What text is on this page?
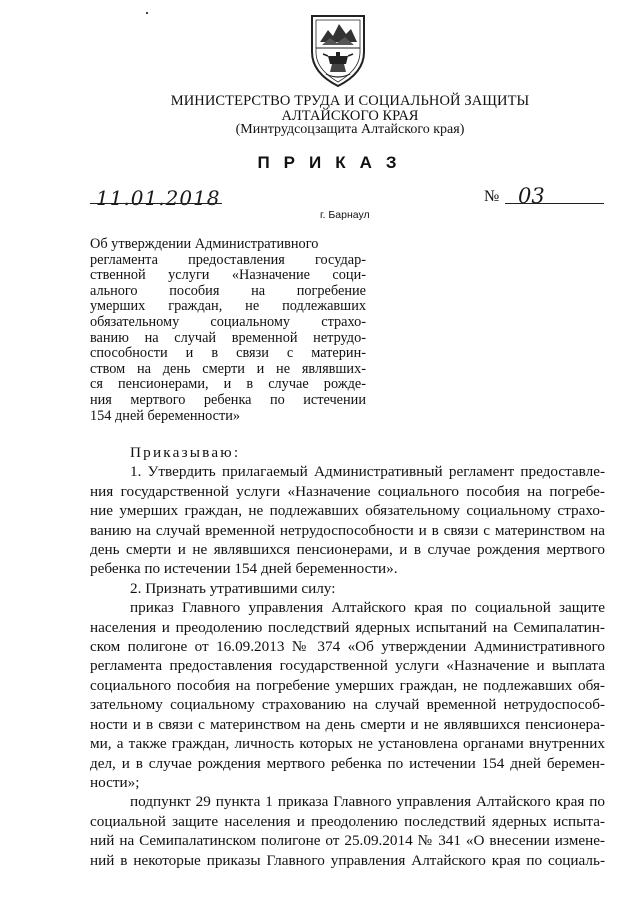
МИНИСТЕРСТВО ТРУДА И СОЦИАЛЬНОЙ ЗАЩИТЫ
АЛТАЙСКОГО КРАЯ
(Минтрудсоцзащита Алтайского края)
ПРИКАЗ
11.01.2018	№ 03
г. Барнаул
Об утверждении Административного
регламента предоставления государ-
ственной услуги «Назначение соци-
ального пособия на погребение
умерших граждан, не подлежавших
обязательному социальному страхо-
ванию на случай временной нетрудо-
способности и в связи с материн-
ством на день смерти и не являвших-
ся пенсионерами, и в случае рожде-
ния мертвого ребенка по истечении
154 дней беременности»
Приказываю:
1. Утвердить прилагаемый Административный регламент предоставле-
ния государственной услуги «Назначение социального пособия на погребе-
ние умерших граждан, не подлежавших обязательному социальному страхо-
ванию на случай временной нетрудоспособности и в связи с материнством на
день смерти и не являвшихся пенсионерами, и в случае рождения мертвого
ребенка по истечении 154 дней беременности».
2. Признать утратившими силу:
приказ Главного управления Алтайского края по социальной защите
населения и преодолению последствий ядерных испытаний на Семипалатин-
ском полигоне от 16.09.2013 № 374 «Об утверждении Административного
регламента предоставления государственной услуги «Назначение и выплата
социального пособия на погребение умерших граждан, не подлежавших обя-
зательному социальному страхованию на случай временной нетрудоспособ-
ности и в связи с материнством на день смерти и не являвшихся пенсионера-
ми, а также граждан, личность которых не установлена органами внутренних
дел, и в случае рождения мертвого ребенка по истечении 154 дней беремен-
ности»;
подпункт 29 пункта 1 приказа Главного управления Алтайского края по
социальной защите населения и преодолению последствий ядерных испыта-
ний на Семипалатинском полигоне от 25.09.2014 № 341 «О внесении измене-
ний в некоторые приказы Главного управления Алтайского края по социаль-
